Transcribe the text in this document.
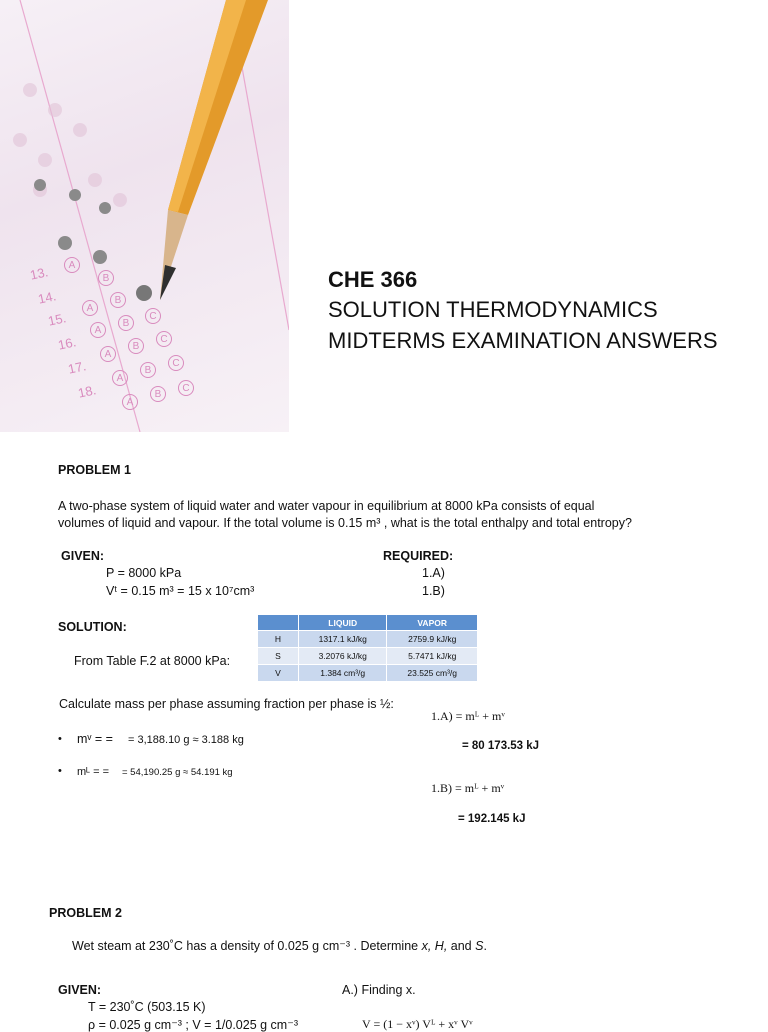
13.
14.
15.
16.
17.
18.
A
B
A
B
A
B
C
A
B
C
A
B
C
A
B
C
CHE 366
SOLUTION THERMODYNAMICS
MIDTERMS EXAMINATION ANSWERS
PROBLEM 1
A two-phase system of liquid water and water vapour in equilibrium at 8000 kPa consists of equal
volumes of liquid and vapour. If the total volume is 0.15 m³ , what is the total enthalpy and total entropy?
GIVEN:
P = 8000 kPa
Vᵗ = 0.15 m³ = 15 x 10⁷cm³
REQUIRED:
1.A)
1.B)
SOLUTION:
From Table F.2 at 8000 kPa:
	LIQUID	VAPOR
H	1317.1 kJ/kg	2759.9 kJ/kg
S	3.2076 kJ/kg	5.7471 kJ/kg
V	1.384 cm³/g	23.525 cm³/g
Calculate mass per phase assuming fraction per phase is ½:
• mᵛ = = = 3,188.10 g ≈ 3.188 kg
• mᴸ = = = 54,190.25 g ≈ 54.191 kg
1.A) = mᴸ + mᵛ
= 80 173.53 kJ
1.B) = mᴸ + mᵛ
= 192.145 kJ
PROBLEM 2
Wet steam at 230˚C has a density of 0.025 g cm⁻³ . Determine x, H, and S.
GIVEN:
T = 230˚C (503.15 K)
ρ = 0.025 g cm⁻³ ; V = 1/0.025 g cm⁻³
A.) Finding x.
V = (1 − xᵛ) Vᴸ + xᵛ Vᵛ
